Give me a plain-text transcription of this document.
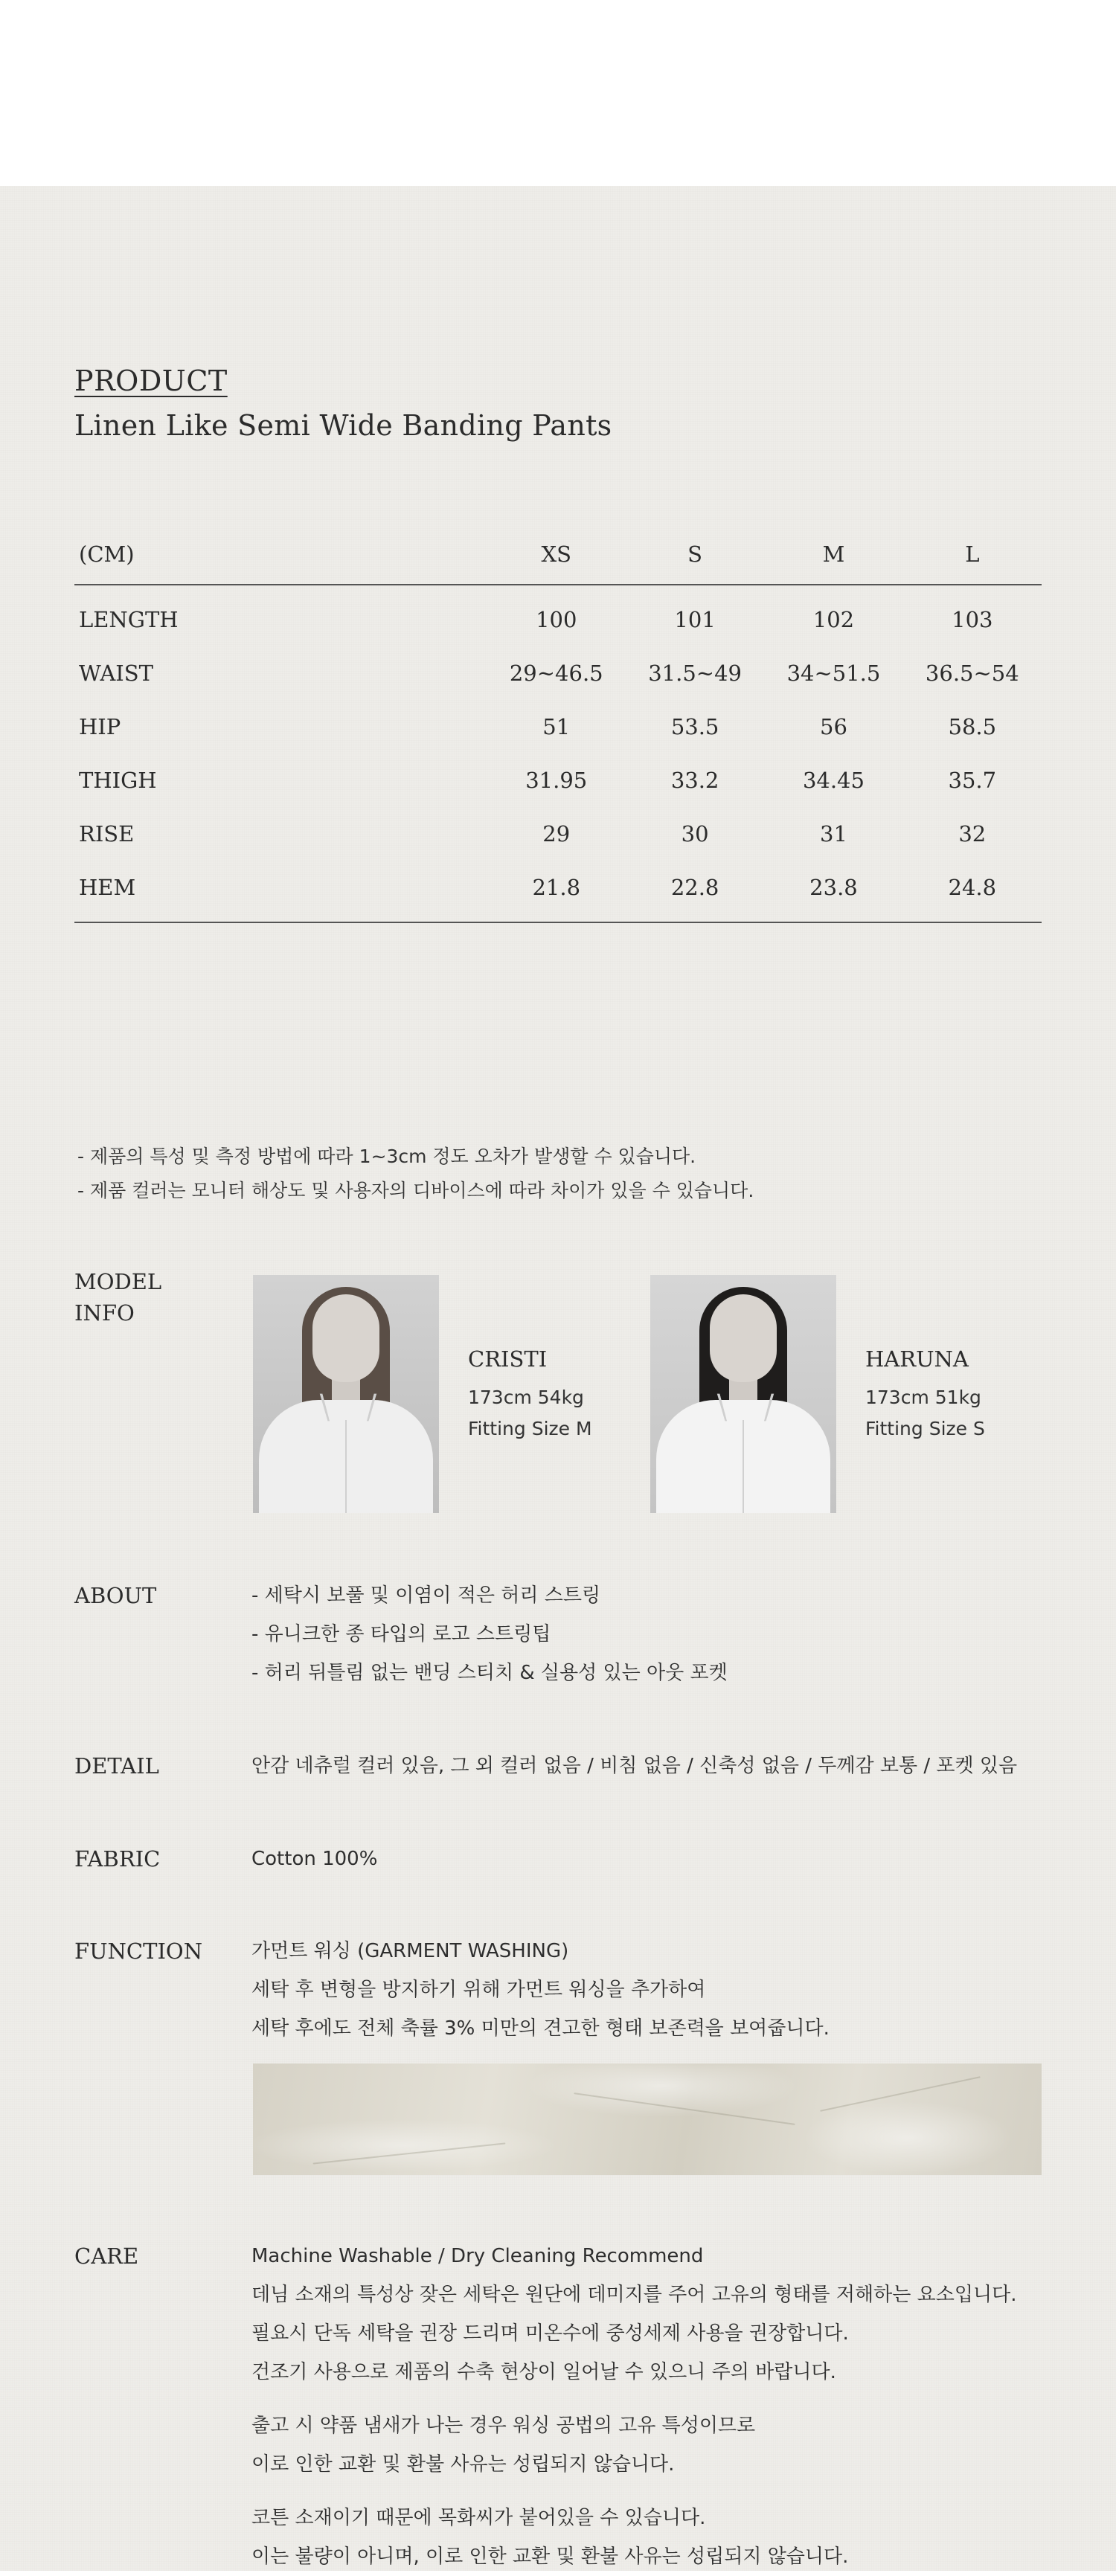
PRODUCT
Linen Like Semi Wide Banding Pants
(CM)	XS	S	M	L
LENGTH	100	101	102	103
WAIST	29~46.5	31.5~49	34~51.5	36.5~54
HIP	51	53.5	56	58.5
THIGH	31.95	33.2	34.45	35.7
RISE	29	30	31	32
HEM	21.8	22.8	23.8	24.8
- 제품의 특성 및 측정 방법에 따라 1~3cm 정도 오차가 발생할 수 있습니다.
- 제품 컬러는 모니터 해상도 및 사용자의 디바이스에 따라 차이가 있을 수 있습니다.
MODEL
INFO
CRISTI
173cm 54kg
Fitting Size M
HARUNA
173cm 51kg
Fitting Size S
ABOUT	- 세탁시 보풀 및 이염이 적은 허리 스트링
- 유니크한 종 타입의 로고 스트링팁
- 허리 뒤틀림 없는 밴딩 스티치 & 실용성 있는 아웃 포켓
DETAIL	안감 네츄럴 컬러 있음, 그 외 컬러 없음 / 비침 없음 / 신축성 없음 / 두께감 보통 / 포켓 있음
FABRIC	Cotton 100%
FUNCTION	가먼트 워싱 (GARMENT WASHING)
세탁 후 변형을 방지하기 위해 가먼트 워싱을 추가하여
세탁 후에도 전체 축률 3% 미만의 견고한 형태 보존력을 보여줍니다.
CARE	Machine Washable / Dry Cleaning Recommend
데님 소재의 특성상 잦은 세탁은 원단에 데미지를 주어 고유의 형태를 저해하는 요소입니다.
필요시 단독 세탁을 권장 드리며 미온수에 중성세제 사용을 권장합니다.
건조기 사용으로 제품의 수축 현상이 일어날 수 있으니 주의 바랍니다.
출고 시 약품 냄새가 나는 경우 워싱 공법의 고유 특성이므로
이로 인한 교환 및 환불 사유는 성립되지 않습니다.
코튼 소재이기 때문에 목화씨가 붙어있을 수 있습니다.
이는 불량이 아니며, 이로 인한 교환 및 환불 사유는 성립되지 않습니다.
